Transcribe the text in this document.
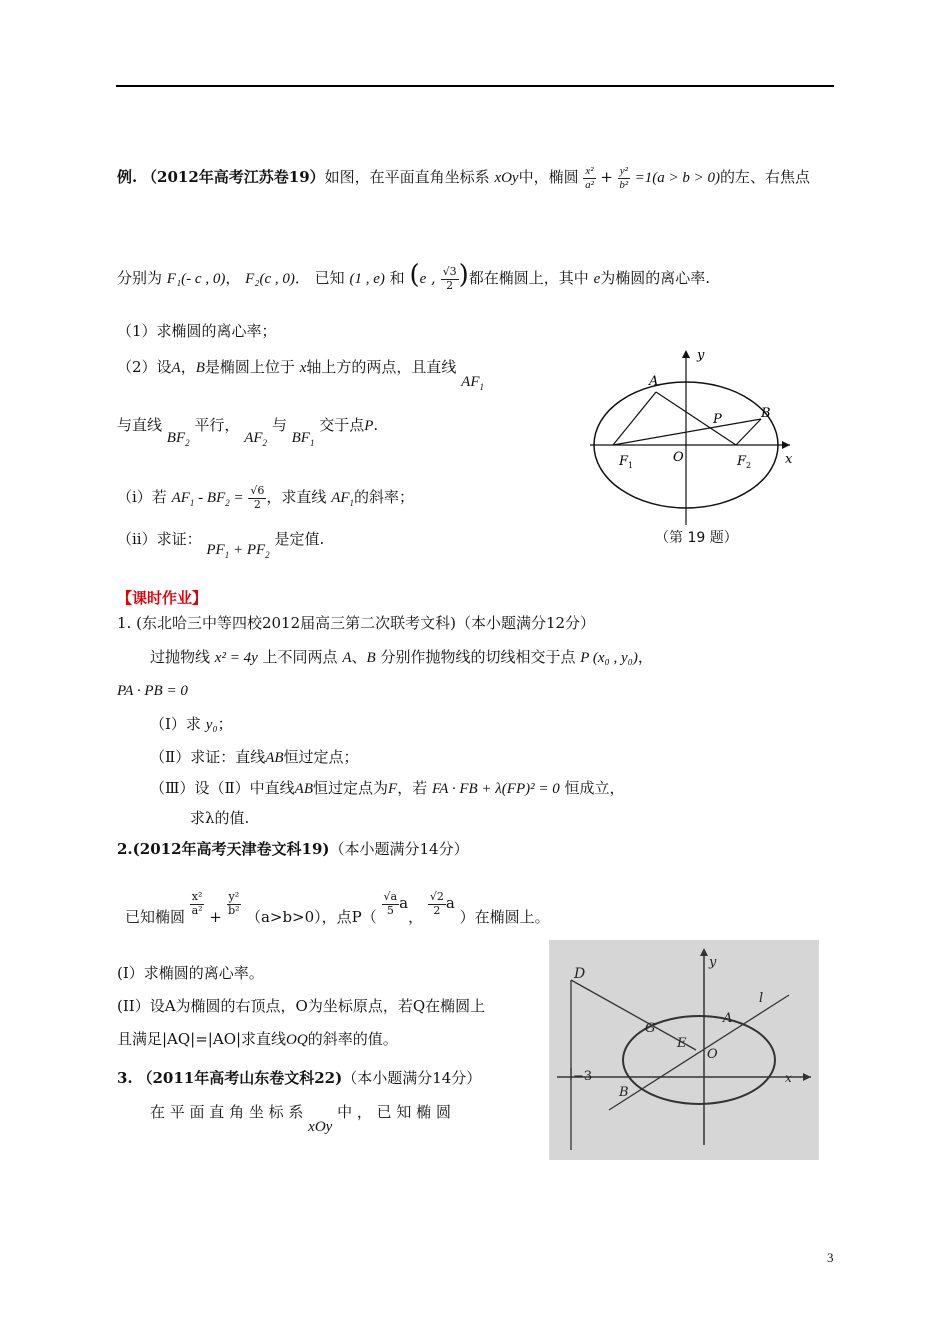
例. （2012年高考江苏卷19）如图，在平面直角坐标系 xOy中，椭圆 $\frac{\text{x²}}{\text{a²}} + \frac{\text{y²}}{\text{b²}} =1(a > b > 0)$的左、右焦点
分别为 F₁(- c , 0)， F₂(c , 0)． 已知 (1 , e) 和 (e , $\frac{√3}{2}$ )都在椭圆上，其中 e为椭圆的离心率.
（1）求椭圆的离心率；
（2）设A，B是椭圆上位于 x轴上方的两点，且直线 $AF_1$
与直线 $BF_2$ 平行， $AF_2$ 与 $BF_1$ 交于点P.
（i）若 $AF_1 - BF_2 = \frac{√6}{2}$ ，求直线 $AF_1$的斜率；
（ii）求证： $PF_1 + PF_2$ 是定值.
y
x
O
A
B
P
F 1	F 2
（第 19 题）
【课时作业】
1. (东北哈三中等四校2012届高三第二次联考文科)（本小题满分12分）
过抛物线 x² = 4y 上不同两点 A、B 分别作抛物线的切线相交于点 P (x₀ , y₀)，
PA · PB = 0
（Ⅰ）求 y₀；
（Ⅱ）求证：直线AB恒过定点；
（Ⅲ）设（Ⅱ）中直线AB恒过定点为F，若 FA · FB + λ(FP)² = 0 恒成立，
求λ的值.
2.(2012年高考天津卷文科19)（本小题满分14分）
已知椭圆 $\frac{\text{x²}}{\text{a²}} + \frac{\text{y²}}{\text{b²}} (a>b>0)$，点$P( \frac{√a}{5}$ a， $\frac{√2}{2}$ a ）在椭圆上。
(I）求椭圆的离心率。
(II）设A为椭圆的右顶点，O为坐标原点，若Q在椭圆上
且满足|AQ|=|AO|求直线OQ的斜率的值。
3. （2011年高考山东卷文科22)（本小题满分14分）
在 平 面 直 角 坐 标 系 xOy 中 ， 已 知 椭 圆
D
y
l
A
G
E
O
−3
B
x
3
